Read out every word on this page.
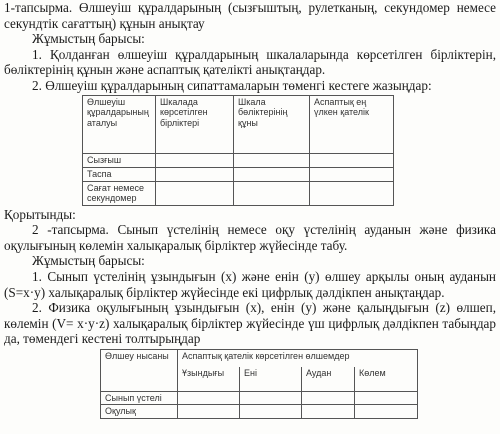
1-тапсырма. Өлшеуіш құралдарының (сызғыштың, рулетканың, секундомер немесе секундтік сағаттың) құнын анықтау

Жұмыстың барысы:

1. Қолданған өлшеуіш құралдарының шкалаларында көрсетілген бірліктерін, бөліктерінің құнын және аспаптық қателікті анықтаңдар.

2. Өлшеуіш құралдарының сипаттамаларын төменгі кестеге жазыңдар:

Өлшеуіш құралдарының аталуы	Шкалада көрсетілген бірліктері	Шкала бөліктерінің құны	Аспаптық ең үлкен қателік
Сызғыш			
Таспа			
Сағат немесе секундомер			

Қорытынды:

2 -тапсырма. Сынып үстелінің немесе оқу үстелінің ауданын және физика оқулығының көлемін халықаралық бірліктер жүйесінде табу.

Жұмыстың барысы:

1. Сынып үстелінің ұзындығын (x) және енін (y) өлшеу арқылы оның ауданын (S=x·y) халықаралық бірліктер жүйесінде екі цифрлық дәлдікпен анықтаңдар.

2. Физика оқулығының ұзындығын (x), енін (y) және қалыңдығын (z) өлшеп, көлемін (V= x·y·z) халықаралық бірліктер жүйесінде үш цифрлық дәлдікпен табыңдар да, төмендегі кестені толтырыңдар

Өлшеу нысаны	Аспаптық қателік көрсетілген өлшемдер			
	Ұзындығы	Ені	Аудан	Көлем
Сынып үстелі				
Оқулық				
